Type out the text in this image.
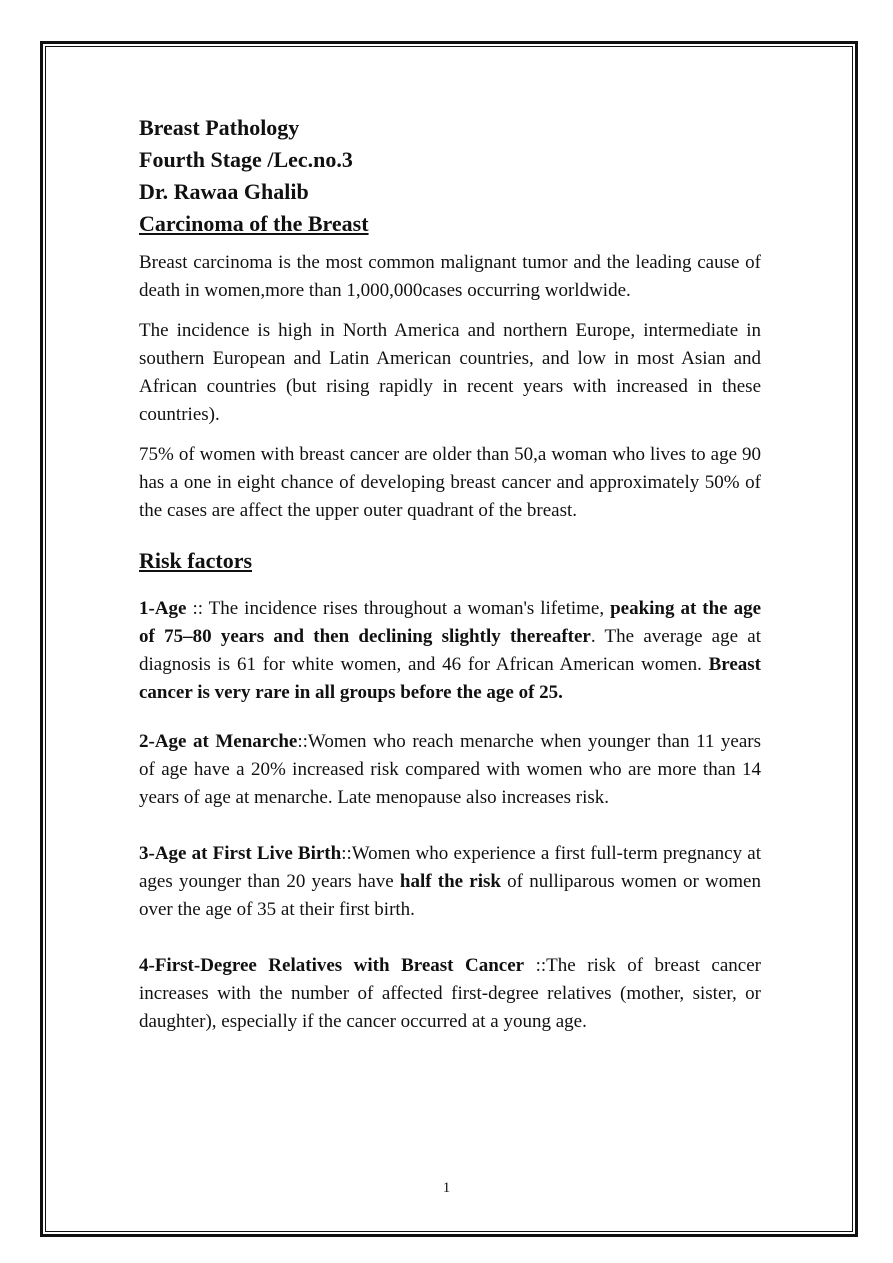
Breast Pathology
Fourth Stage /Lec.no.3
Dr. Rawaa Ghalib
Carcinoma of the Breast

Breast carcinoma is the most common malignant tumor and the leading cause of death in women,more than 1,000,000cases occurring worldwide.

The incidence is high in North America and northern Europe, intermediate in southern European and Latin American countries, and low in most Asian and African countries (but rising rapidly in recent years with increased in these countries).

75% of women with breast cancer are older than 50,a woman who lives to age 90 has a one in eight chance of developing breast cancer and approximately 50% of the cases are affect the upper outer quadrant of the breast.

Risk factors

1-Age :: The incidence rises throughout a woman's lifetime, peaking at the age of 75–80 years and then declining slightly thereafter. The average age at diagnosis is 61 for white women, and 46 for African American women. Breast cancer is very rare in all groups before the age of 25.

2-Age at Menarche::Women who reach menarche when younger than 11 years of age have a 20% increased risk compared with women who are more than 14 years of age at menarche. Late menopause also increases risk.

3-Age at First Live Birth::Women who experience a first full-term pregnancy at ages younger than 20 years have half the risk of nulliparous women or women over the age of 35 at their first birth.

4-First-Degree Relatives with Breast Cancer ::The risk of breast cancer increases with the number of affected first-degree relatives (mother, sister, or daughter), especially if the cancer occurred at a young age.

1
